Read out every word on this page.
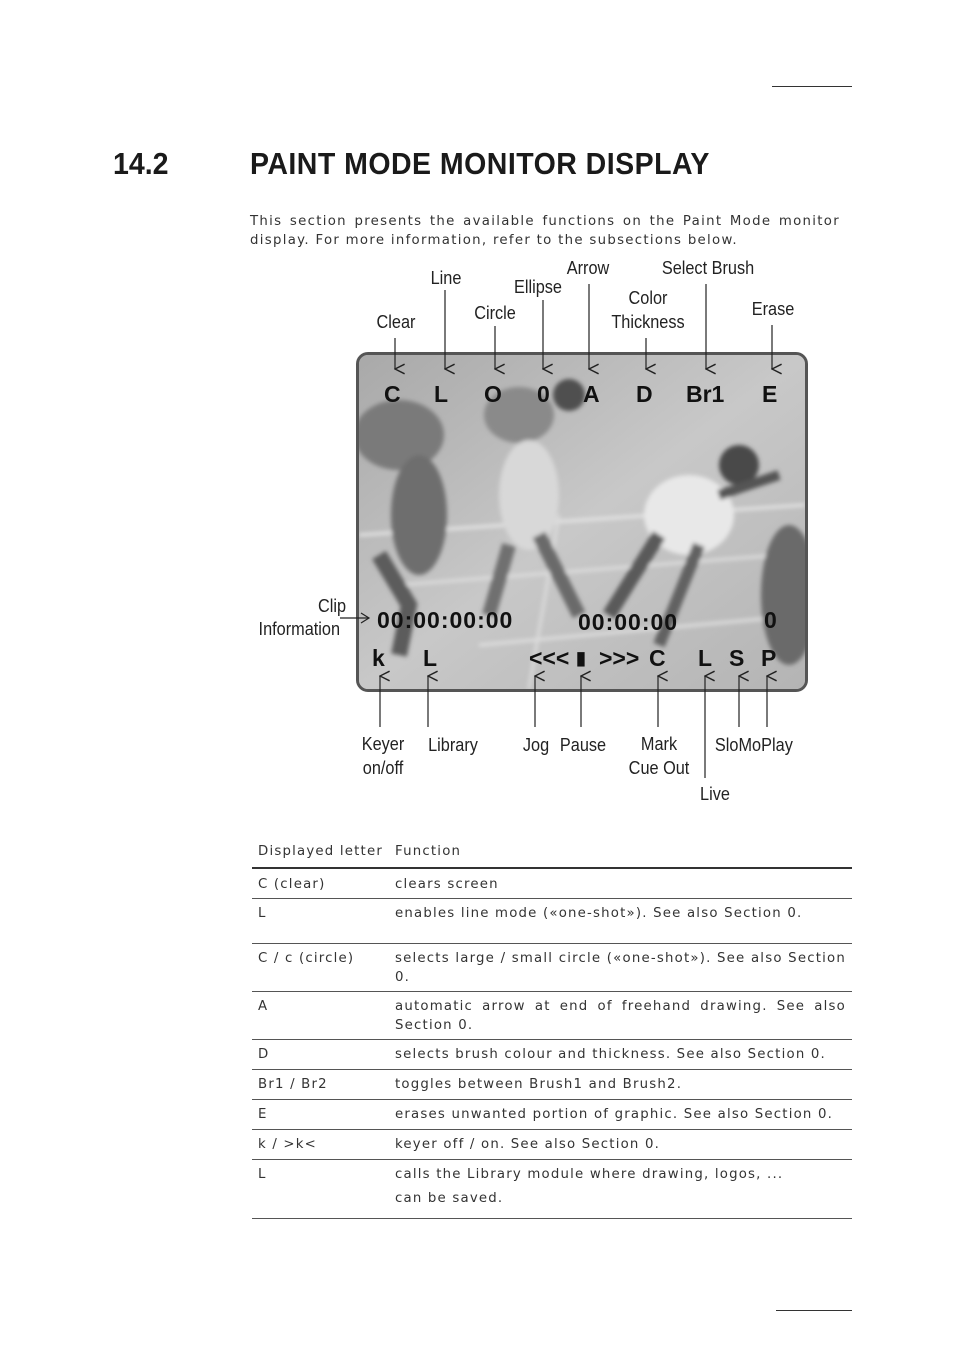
14.2	PAINT MODE MONITOR DISPLAY
This section presents the available functions on the Paint Mode monitor display. For more information, refer to the subsections below.
C L O 0 A D Br1 E
00:00:00:00	00:00:00	0
k L	<<< ▮ >>> C L S P
Clear
Line
Circle
Ellipse
Arrow
Color
Thickness
Select Brush
Erase
Clip
Information
Keyer
on/off
Library Jog Pause	Mark
Cue Out
Live
SloMo Play
Displayed letter	Function
C (clear)	clears screen
L	enables line mode («one-shot»). See also Section 0.
C / c (circle)	selects large / small circle («one-shot»). See also Section 0.
A	automatic arrow at end of freehand drawing. See also Section 0.
D	selects brush colour and thickness. See also Section 0.
Br1 / Br2	toggles between Brush1 and Brush2.
E	erases unwanted portion of graphic. See also Section 0.
k / >k<	keyer off / on. See also Section 0.
L	calls the Library module where drawing, logos, ...
can be saved.
